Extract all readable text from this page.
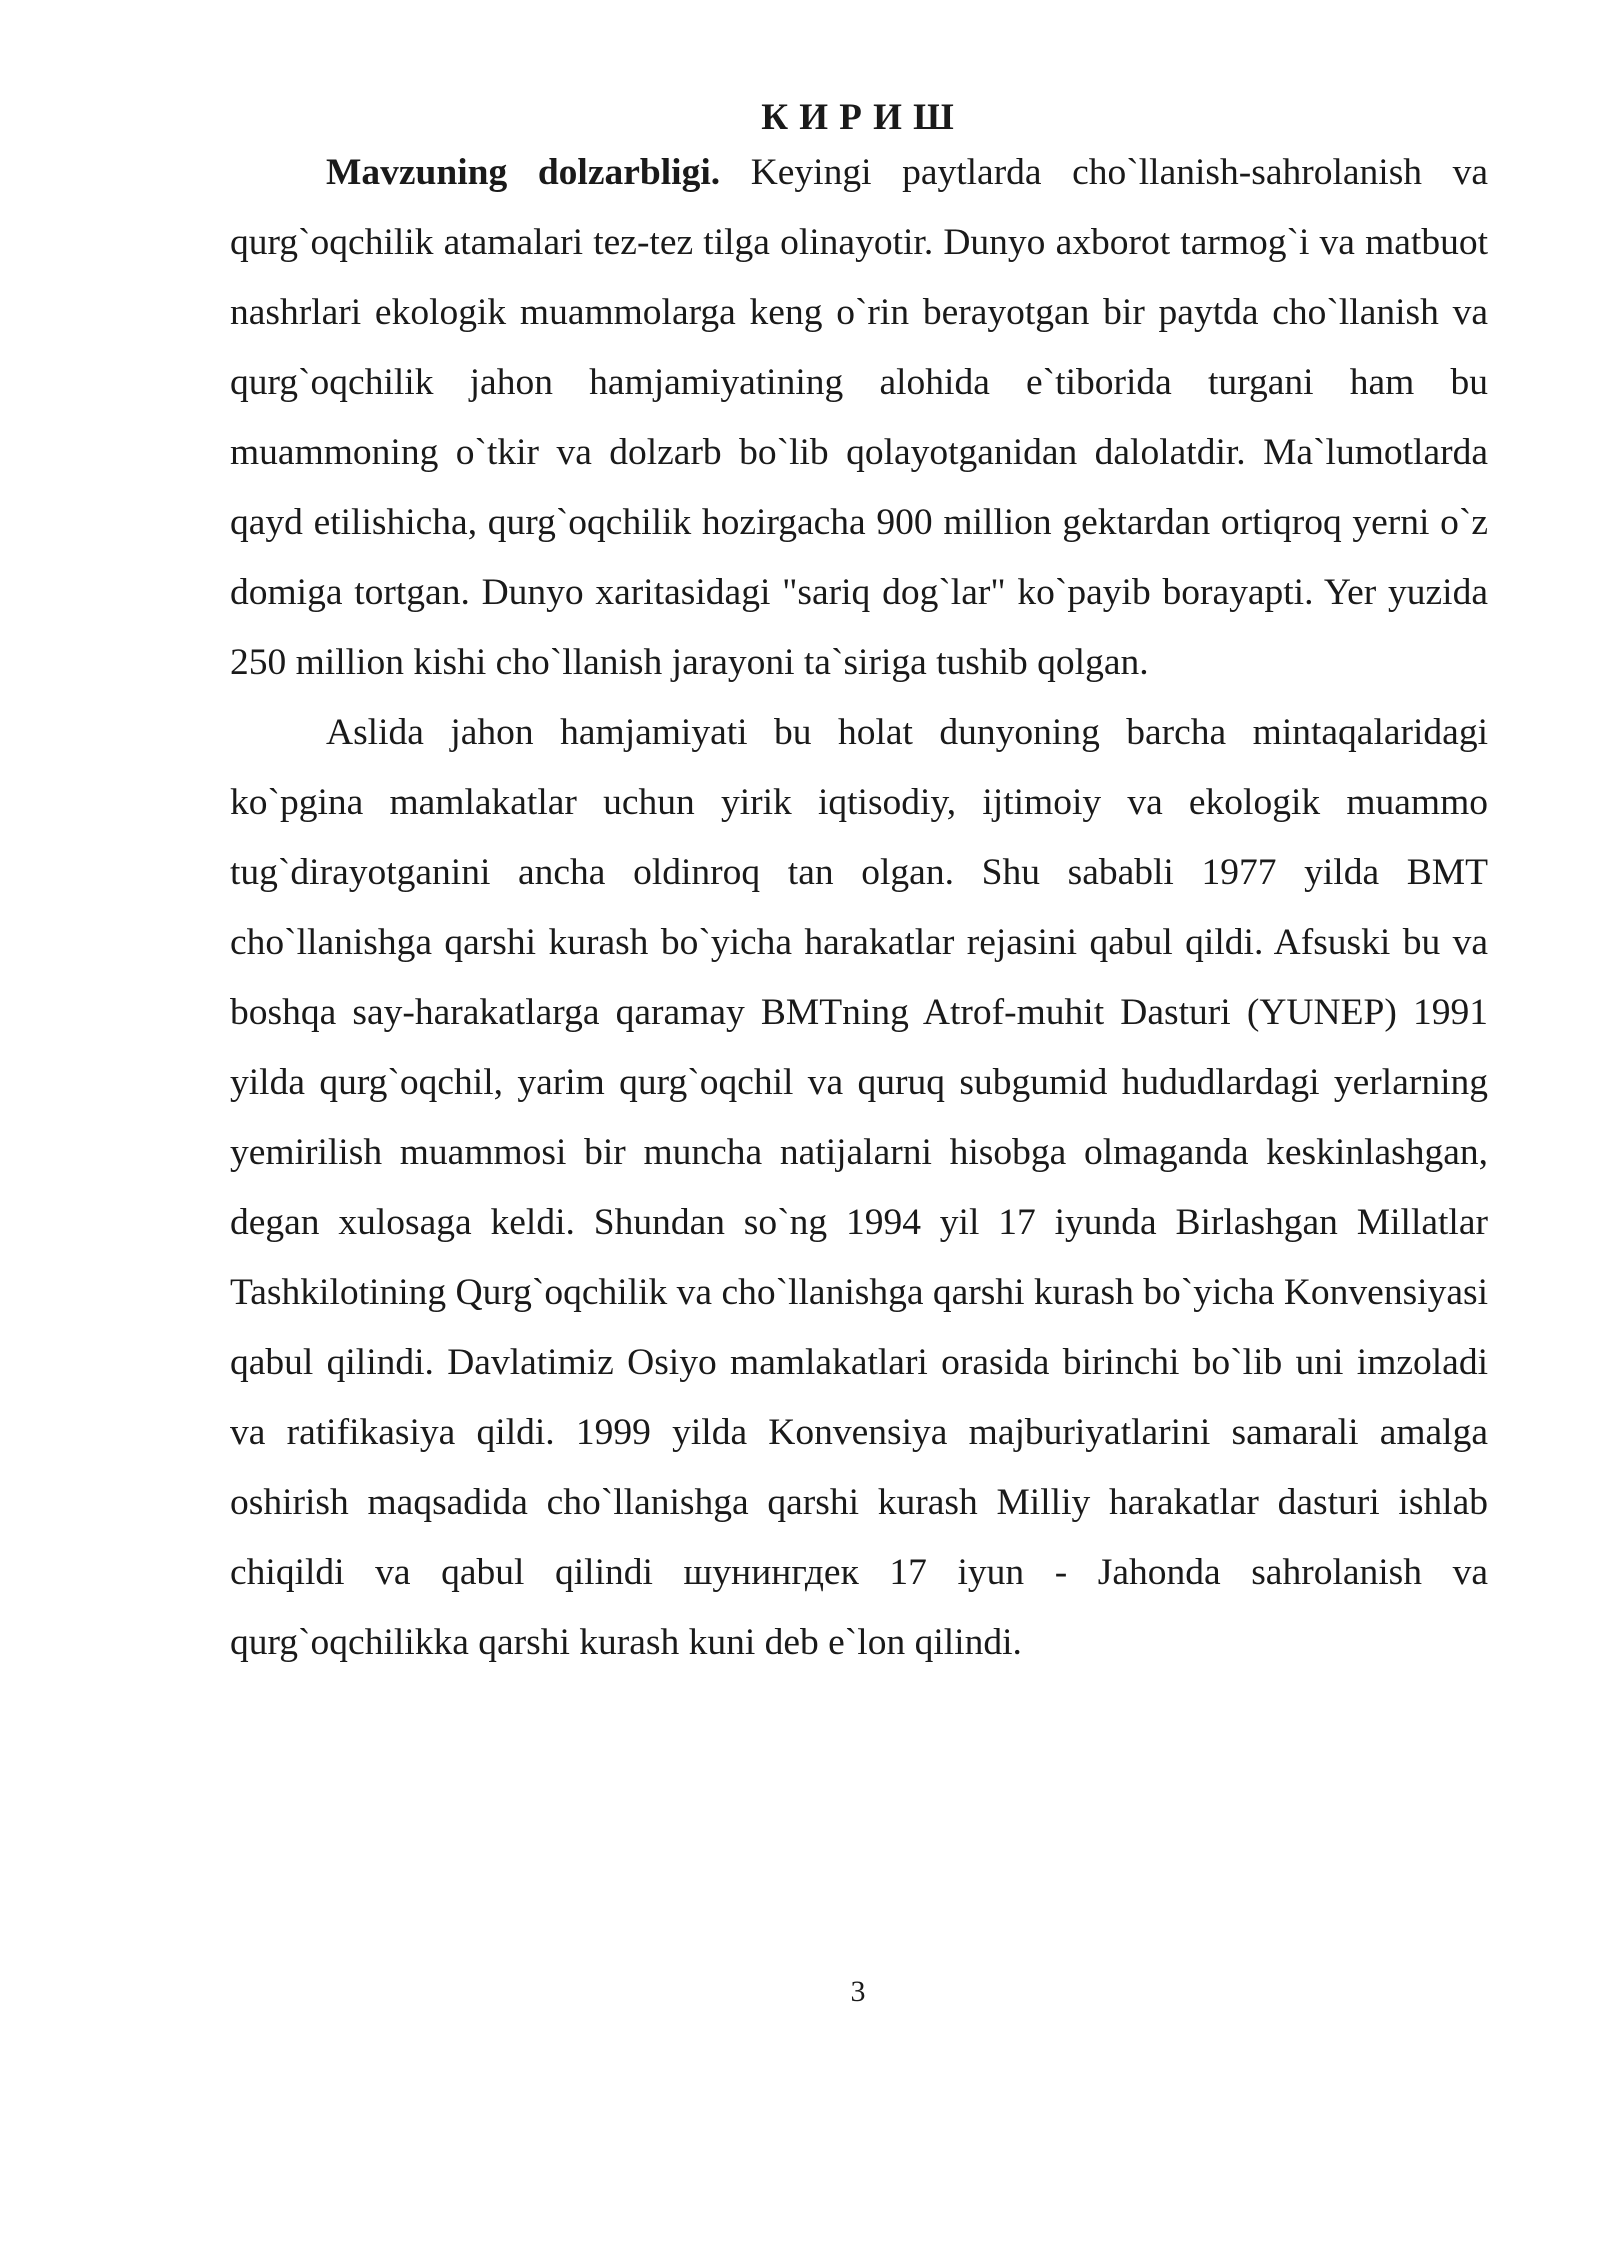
К И Р И Ш

Mavzuning dolzarbligi. Keyingi paytlarda cho`llanish-sahrolanish va qurg`oqchilik atamalari tez-tez tilga olinayotir. Dunyo axborot tarmog`i va matbuot nashrlari ekologik muammolarga keng o`rin berayotgan bir paytda cho`llanish va qurg`oqchilik jahon hamjamiyatining alohida e`tiborida turgani ham bu muammoning o`tkir va dolzarb bo`lib qolayotganidan dalolatdir. Ma`lumotlarda qayd etilishicha, qurg`oqchilik hozirgacha 900 million gektardan ortiqroq yerni o`z domiga tortgan. Dunyo xaritasidagi "sariq dog`lar" ko`payib borayapti. Yer yuzida 250 million kishi cho`llanish jarayoni ta`siriga tushib qolgan.

Aslida jahon hamjamiyati bu holat dunyoning barcha mintaqalaridagi ko`pgina mamlakatlar uchun yirik iqtisodiy, ijtimoiy va ekologik muammo tug`dirayotganini ancha oldinroq tan olgan. Shu sababli 1977 yilda BMT cho`llanishga qarshi kurash bo`yicha harakatlar rejasini qabul qildi. Afsuski bu va boshqa say-harakatlarga qaramay BMTning Atrof-muhit Dasturi (YUNEP) 1991 yilda qurg`oqchil, yarim qurg`oqchil va quruq subgumid hududlardagi yerlarning yemirilish muammosi bir muncha natijalarni hisobga olmaganda keskinlashgan, degan xulosaga keldi. Shundan so`ng 1994 yil 17 iyunda Birlashgan Millatlar Tashkilotining Qurg`oqchilik va cho`llanishga qarshi kurash bo`yicha Konvensiyasi qabul qilindi. Davlatimiz Osiyo mamlakatlari orasida birinchi bo`lib uni imzoladi va ratifikasiya qildi. 1999 yilda Konvensiya majburiyatlarini samarali amalga oshirish maqsadida cho`llanishga qarshi kurash Milliy harakatlar dasturi ishlab chiqildi va qabul qilindi шунингдек 17 iyun - Jahonda sahrolanish va qurg`oqchilikka qarshi kurash kuni deb e`lon qilindi.

3
